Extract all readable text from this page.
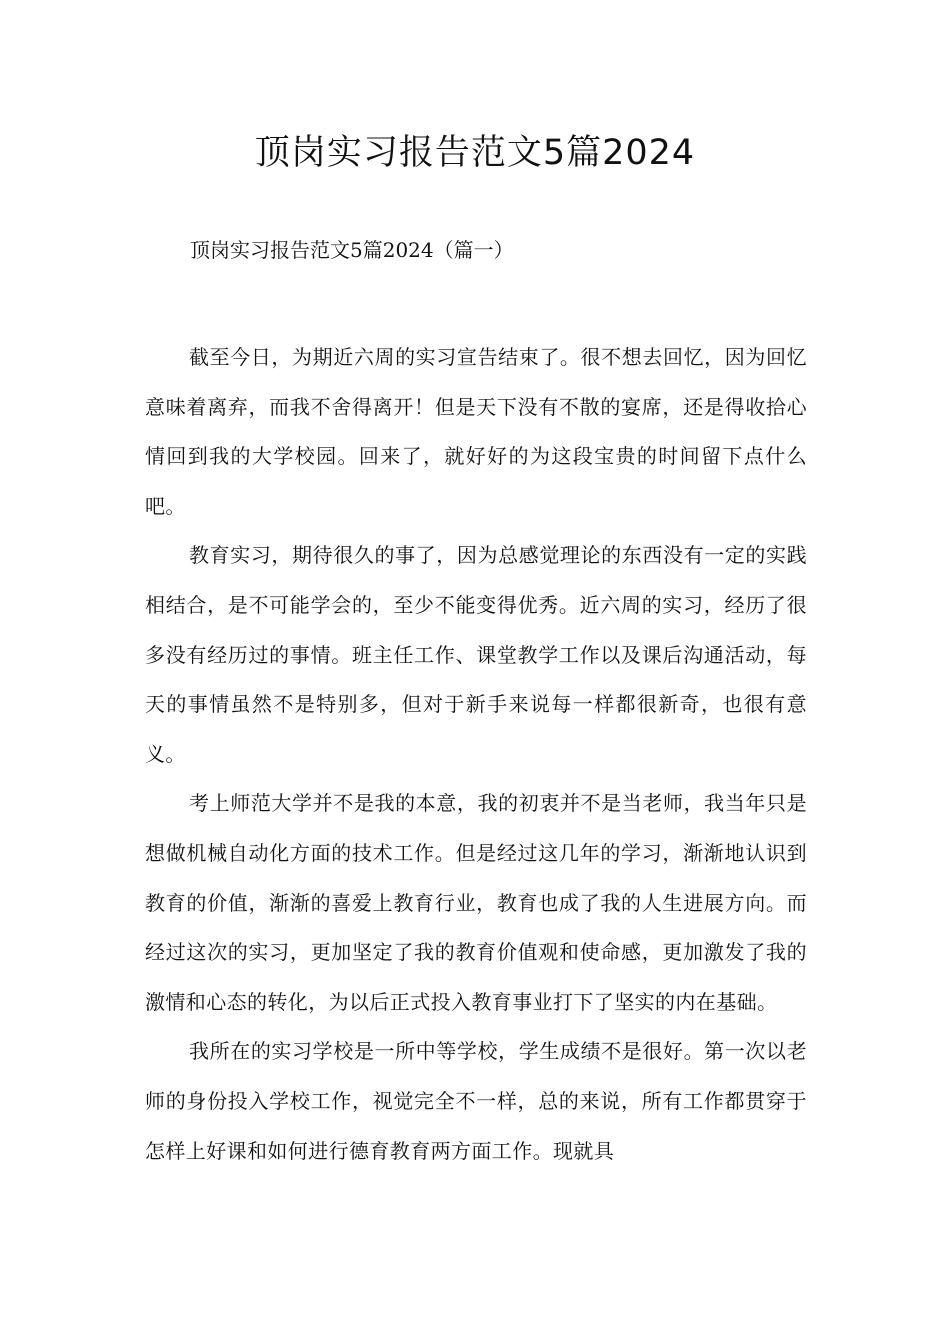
顶岗实习报告范文5篇2024
顶岗实习报告范文5篇2024（篇一）

截至今日，为期近六周的实习宣告结束了。很不想去回忆，因为回忆意味着离弃，而我不舍得离开！但是天下没有不散的宴席，还是得收拾心情回到我的大学校园。回来了，就好好的为这段宝贵的时间留下点什么吧。

教育实习，期待很久的事了，因为总感觉理论的东西没有一定的实践相结合，是不可能学会的，至少不能变得优秀。近六周的实习，经历了很多没有经历过的事情。班主任工作、课堂教学工作以及课后沟通活动，每天的事情虽然不是特别多，但对于新手来说每一样都很新奇，也很有意义。

考上师范大学并不是我的本意，我的初衷并不是当老师，我当年只是想做机械自动化方面的技术工作。但是经过这几年的学习，渐渐地认识到教育的价值，渐渐的喜爱上教育行业，教育也成了我的人生进展方向。而经过这次的实习，更加坚定了我的教育价值观和使命感，更加激发了我的激情和心态的转化，为以后正式投入教育事业打下了坚实的内在基础。

我所在的实习学校是一所中等学校，学生成绩不是很好。第一次以老师的身份投入学校工作，视觉完全不一样，总的来说，所有工作都贯穿于怎样上好课和如何进行德育教育两方面工作。现就具
